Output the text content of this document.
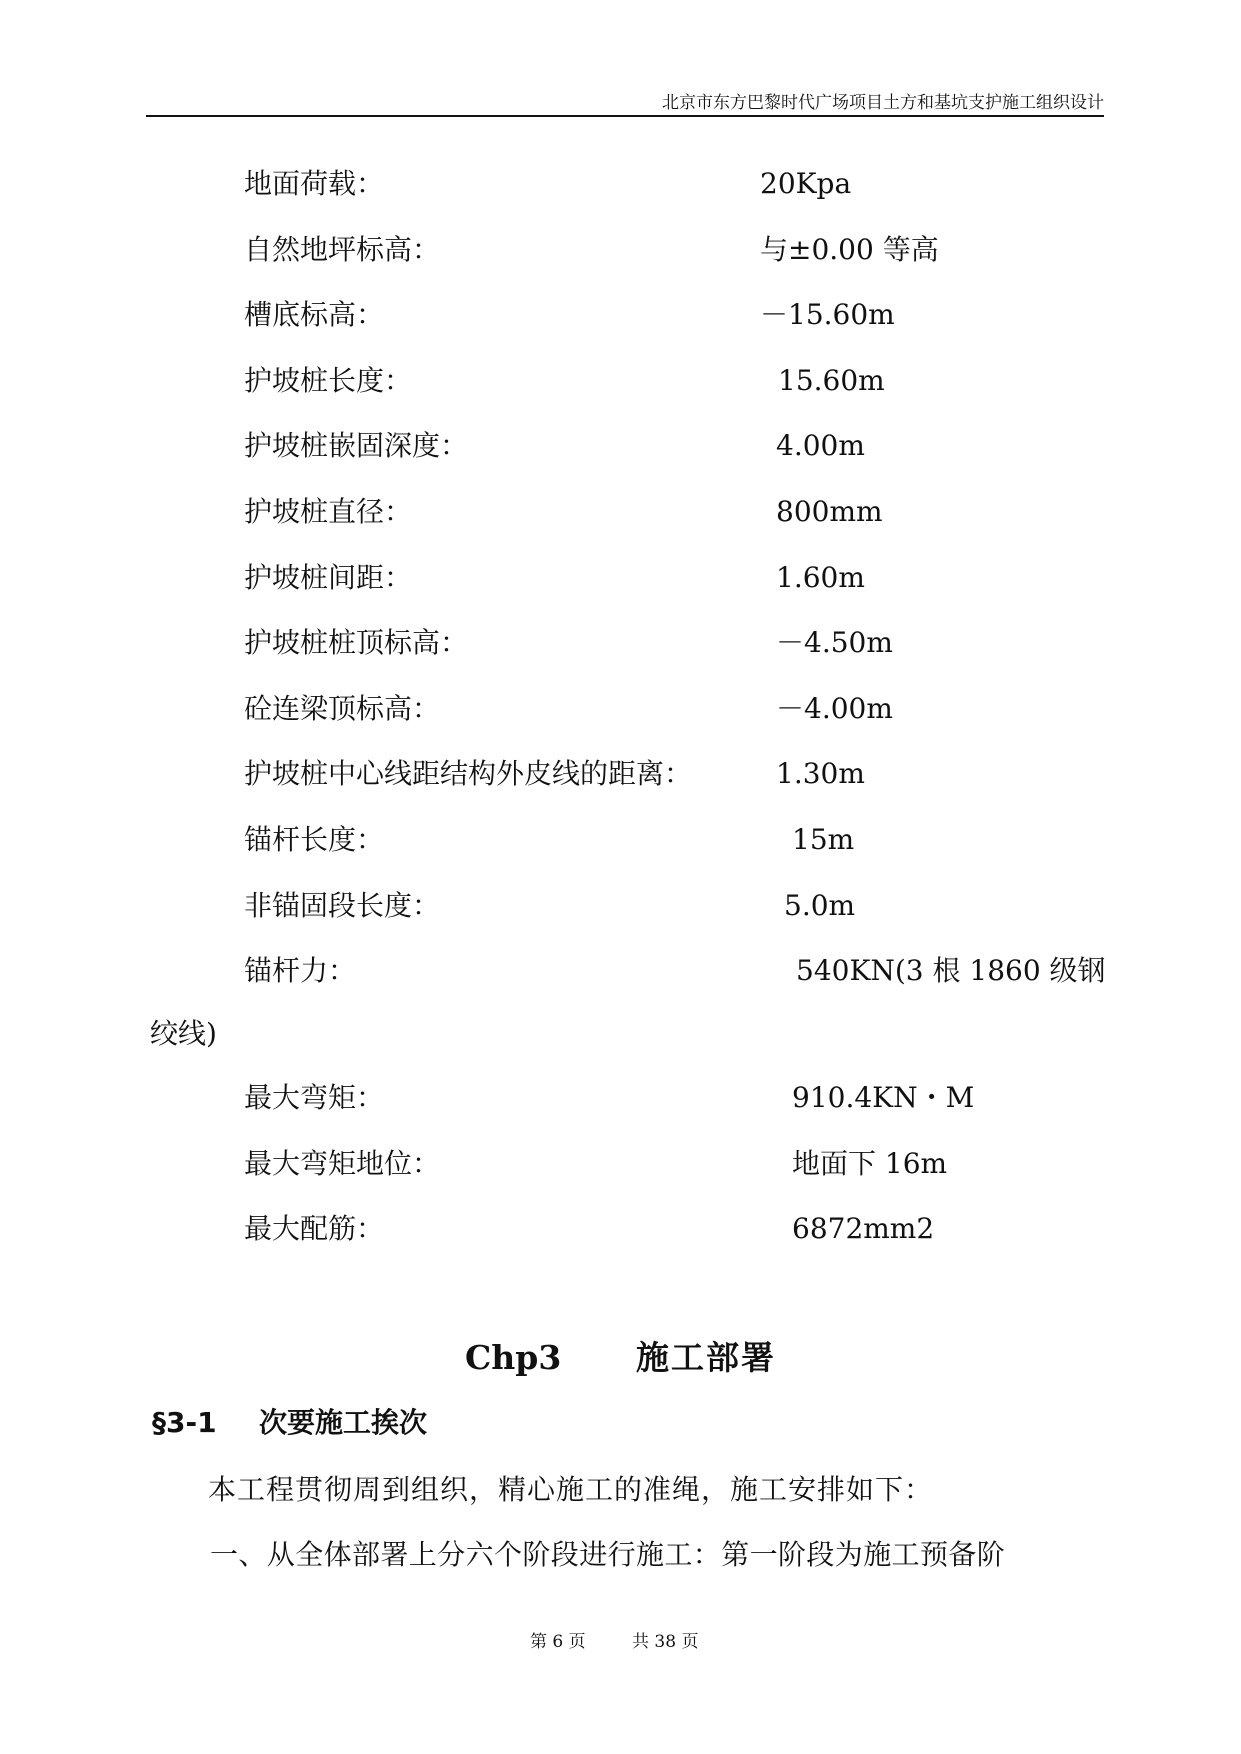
北京市东方巴黎时代广场项目土方和基坑支护施工组织设计
地面荷载：	20Kpa
自然地坪标高：	与±0.00 等高
槽底标高：	－15.60m
护坡桩长度：	15.60m
护坡桩嵌固深度：	4.00m
护坡桩直径：	800mm
护坡桩间距：	1.60m
护坡桩桩顶标高：	－4.50m
砼连梁顶标高：	－4.00m
护坡桩中心线距结构外皮线的距离：	1.30m
锚杆长度：	15m
非锚固段长度：	5.0m
锚杆力：	540KN(3 根 1860 级钢
绞线)
最大弯矩：	910.4KN・M
最大弯矩地位：	地面下 16m
最大配筋：	6872mm2
Chp3 施工部署
§3-1 次要施工挨次
本工程贯彻周到组织，精心施工的准绳，施工安排如下：
一、从全体部署上分六个阶段进行施工：第一阶段为施工预备阶
第 6 页	共 38 页
